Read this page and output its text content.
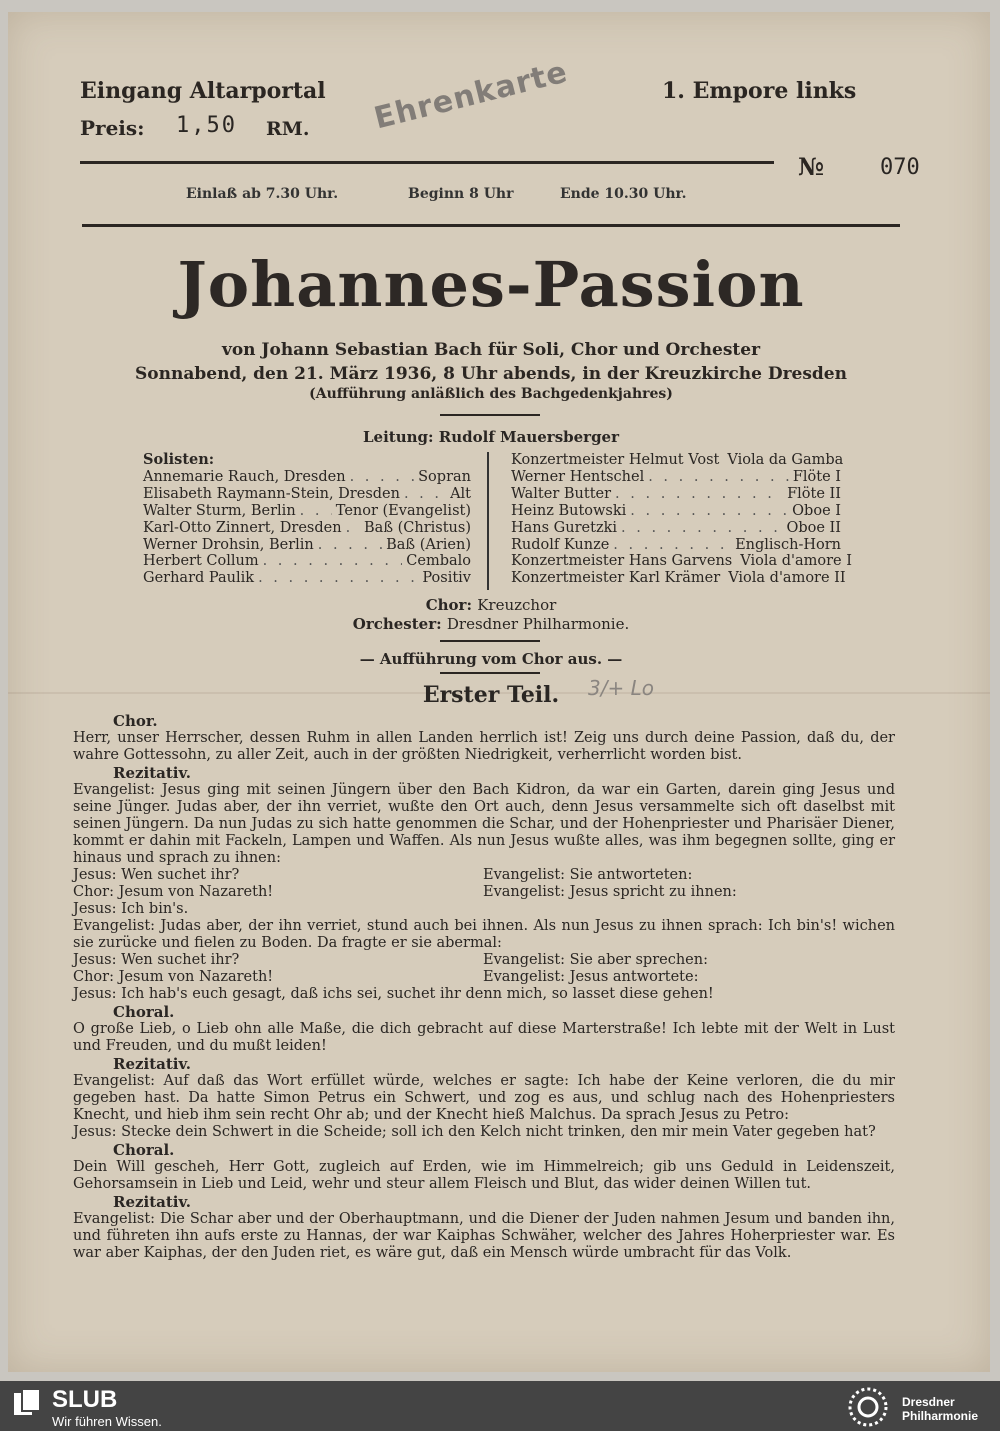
Eingang Altarportal
Preis: 1,50 RM. Ehrenkarte	1. Empore links
№	070
Einlaß ab 7.30 Uhr.	Beginn 8 Uhr	Ende 10.30 Uhr.
Johannes-Passion
von Johann Sebastian Bach für Soli, Chor und Orchester
Sonnabend, den 21. März 1936, 8 Uhr abends, in der Kreuzkirche Dresden
(Aufführung anläßlich des Bachgedenkjahres)
Leitung: Rudolf Mauersberger
Solisten:
Annemarie Rauch, Dresden . . .	Sopran
Elisabeth Raymann-Stein, Dresden . . .	Alt
Walter Sturm, Berlin . . .	Tenor (Evangelist)
Karl-Otto Zinnert, Dresden . . . Baß (Christus)
Werner Drohsin, Berlin . . .	Baß (Arien)
Herbert Collum . . .	Cembalo
Gerhard Paulik . . .	Positiv
Konzertmeister Helmut Vost Viola da Gamba
Werner Hentschel . . .	Flöte I
Walter Butter . . .	Flöte II
Heinz Butowski . . .	Oboe I
Hans Guretzki . . .	Oboe II
Rudolf Kunze . . .	Englisch-Horn
Konzertmeister Hans Garvens Viola d'amore I
Konzertmeister Karl Krämer Viola d'amore II
Chor: Kreuzchor
Orchester: Dresdner Philharmonie.
— Aufführung vom Chor aus. —
Erster Teil.	3/+ Lo
Chor.

Herr, unser Herrscher, dessen Ruhm in allen Landen herrlich ist! Zeig uns durch deine Passion, daß du, der wahre Gottessohn, zu aller Zeit, auch in der größten Niedrigkeit, verherrlicht worden bist.

Rezitativ.

Evangelist: Jesus ging mit seinen Jüngern über den Bach Kidron, da war ein Garten, darein ging Jesus und seine Jünger. Judas aber, der ihn verriet, wußte den Ort auch, denn Jesus versammelte sich oft daselbst mit seinen Jüngern. Da nun Judas zu sich hatte genommen die Schar, und der Hohenpriester und Pharisäer Diener, kommt er dahin mit Fackeln, Lampen und Waffen. Als nun Jesus wußte alles, was ihm begegnen sollte, ging er hinaus und sprach zu ihnen:

Jesus: Wen suchet ihr?	Evangelist: Sie antworteten:
Chor: Jesum von Nazareth!	Evangelist: Jesus spricht zu ihnen:

Jesus: Ich bin's.

Evangelist: Judas aber, der ihn verriet, stund auch bei ihnen. Als nun Jesus zu ihnen sprach: Ich bin's! wichen sie zurücke und fielen zu Boden. Da fragte er sie abermal:

Jesus: Wen suchet ihr?	Evangelist: Sie aber sprechen:
Chor: Jesum von Nazareth!	Evangelist: Jesus antwortete:

Jesus: Ich hab's euch gesagt, daß ichs sei, suchet ihr denn mich, so lasset diese gehen!

Choral.

O große Lieb, o Lieb ohn alle Maße, die dich gebracht auf diese Marterstraße! Ich lebte mit der Welt in Lust und Freuden, und du mußt leiden!

Rezitativ.

Evangelist: Auf daß das Wort erfüllet würde, welches er sagte: Ich habe der Keine verloren, die du mir gegeben hast. Da hatte Simon Petrus ein Schwert, und zog es aus, und schlug nach des Hohenpriesters Knecht, und hieb ihm sein recht Ohr ab; und der Knecht hieß Malchus. Da sprach Jesus zu Petro:

Jesus: Stecke dein Schwert in die Scheide; soll ich den Kelch nicht trinken, den mir mein Vater gegeben hat?

Choral.

Dein Will gescheh, Herr Gott, zugleich auf Erden, wie im Himmelreich; gib uns Geduld in Leidenszeit, Gehorsamsein in Lieb und Leid, wehr und steur allem Fleisch und Blut, das wider deinen Willen tut.

Rezitativ.

Evangelist: Die Schar aber und der Oberhauptmann, und die Diener der Juden nahmen Jesum und banden ihn, und führeten ihn aufs erste zu Hannas, der war Kaiphas Schwäher, welcher des Jahres Hoherpriester war. Es war aber Kaiphas, der den Juden riet, es wäre gut, daß ein Mensch würde umbracht für das Volk.

SLUB
Wir führen Wissen.
Dresdner
Philharmonie
